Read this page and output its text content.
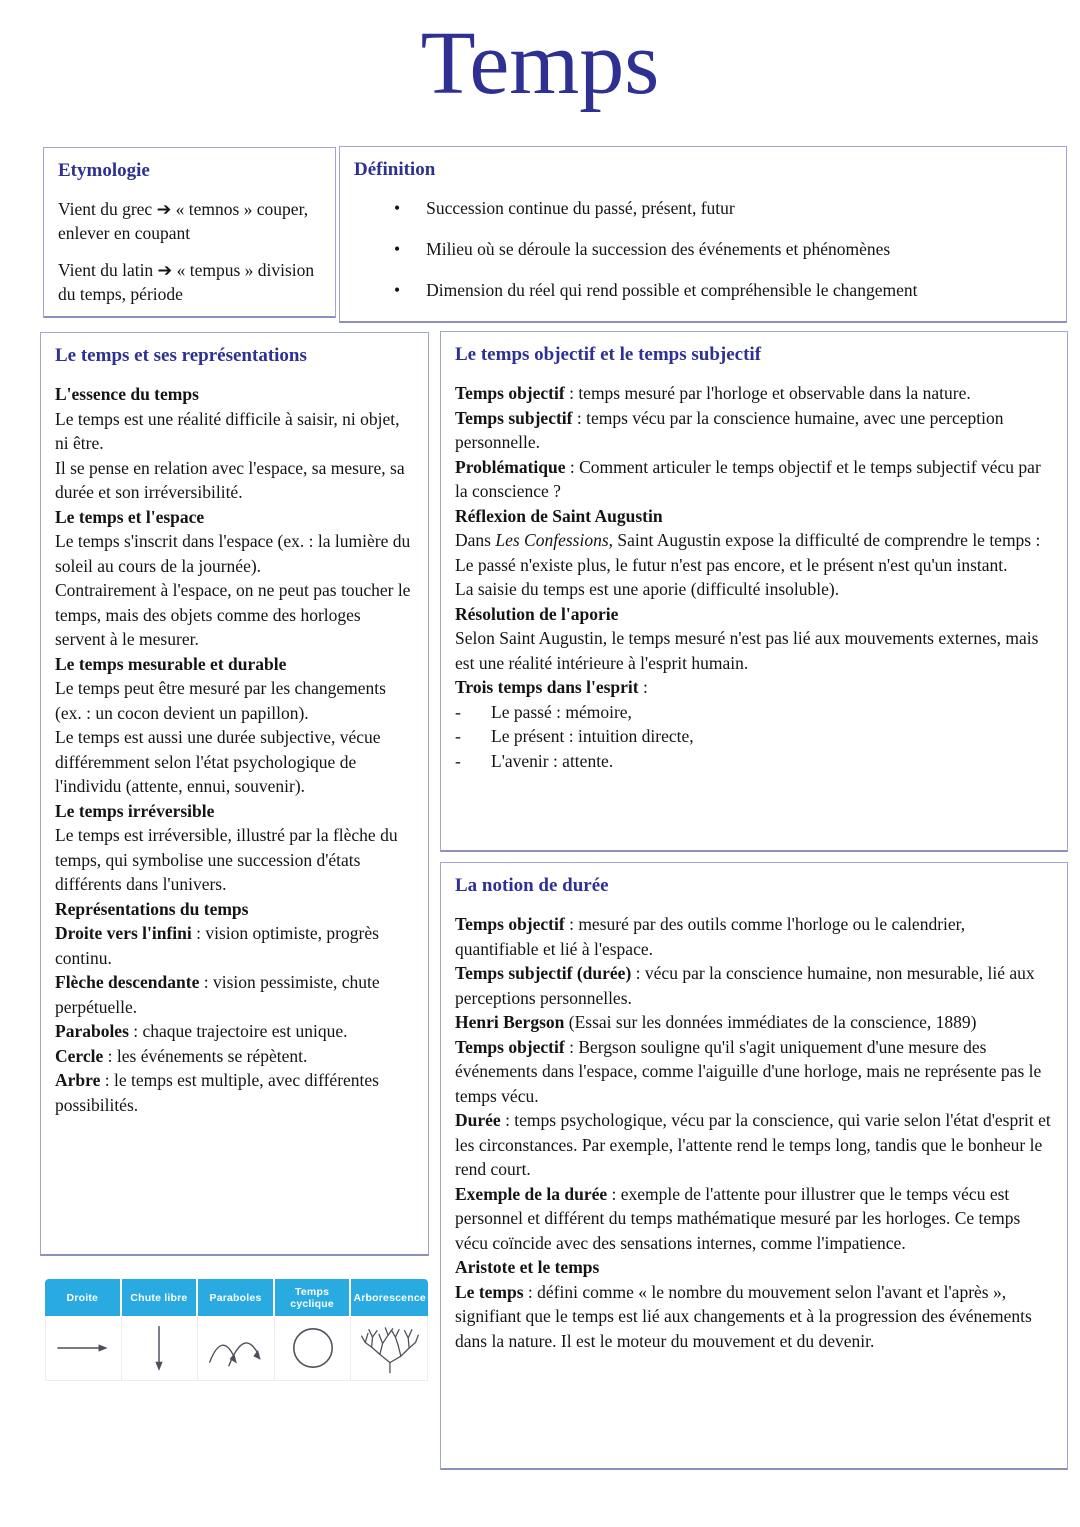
Temps
Etymologie

Vient du grec ➔ « temnos » couper, enlever en coupant

Vient du latin ➔ « tempus » division du temps, période

Définition
• Succession continue du passé, présent, futur
• Milieu où se déroule la succession des événements et phénomènes
• Dimension du réel qui rend possible et compréhensible le changement
Le temps et ses représentations

L'essence du temps

Le temps est une réalité difficile à saisir, ni objet, ni être.

Il se pense en relation avec l'espace, sa mesure, sa durée et son irréversibilité.

Le temps et l'espace

Le temps s'inscrit dans l'espace (ex. : la lumière du soleil au cours de la journée).

Contrairement à l'espace, on ne peut pas toucher le temps, mais des objets comme des horloges servent à le mesurer.

Le temps mesurable et durable

Le temps peut être mesuré par les changements (ex. : un cocon devient un papillon).

Le temps est aussi une durée subjective, vécue différemment selon l'état psychologique de l'individu (attente, ennui, souvenir).

Le temps irréversible

Le temps est irréversible, illustré par la flèche du temps, qui symbolise une succession d'états différents dans l'univers.

Représentations du temps

Droite vers l'infini : vision optimiste, progrès continu.

Flèche descendante : vision pessimiste, chute perpétuelle.

Paraboles : chaque trajectoire est unique.

Cercle : les événements se répètent.

Arbre : le temps est multiple, avec différentes possibilités.

Le temps objectif et le temps subjectif

Temps objectif : temps mesuré par l'horloge et observable dans la nature.

Temps subjectif : temps vécu par la conscience humaine, avec une perception personnelle.

Problématique : Comment articuler le temps objectif et le temps subjectif vécu par la conscience ?

Réflexion de Saint Augustin

Dans Les Confessions, Saint Augustin expose la difficulté de comprendre le temps :

Le passé n'existe plus, le futur n'est pas encore, et le présent n'est qu'un instant.

La saisie du temps est une aporie (difficulté insoluble).

Résolution de l'aporie

Selon Saint Augustin, le temps mesuré n'est pas lié aux mouvements externes, mais est une réalité intérieure à l'esprit humain.

Trois temps dans l'esprit :

-	Le passé : mémoire,

-	Le présent : intuition directe,

-	L'avenir : attente.

La notion de durée

Temps objectif : mesuré par des outils comme l'horloge ou le calendrier, quantifiable et lié à l'espace.

Temps subjectif (durée) : vécu par la conscience humaine, non mesurable, lié aux perceptions personnelles.

Henri Bergson (Essai sur les données immédiates de la conscience, 1889)

Temps objectif : Bergson souligne qu'il s'agit uniquement d'une mesure des événements dans l'espace, comme l'aiguille d'une horloge, mais ne représente pas le temps vécu.

Durée : temps psychologique, vécu par la conscience, qui varie selon l'état d'esprit et les circonstances. Par exemple, l'attente rend le temps long, tandis que le bonheur le rend court.

Exemple de la durée : exemple de l'attente pour illustrer que le temps vécu est personnel et différent du temps mathématique mesuré par les horloges. Ce temps vécu coïncide avec des sensations internes, comme l'impatience.

Aristote et le temps

Le temps : défini comme « le nombre du mouvement selon l'avant et l'après », signifiant que le temps est lié aux changements et à la progression des événements dans la nature. Il est le moteur du mouvement et du devenir.

Droite	Chute libre	Paraboles	Temps cyclique	Arborescence
